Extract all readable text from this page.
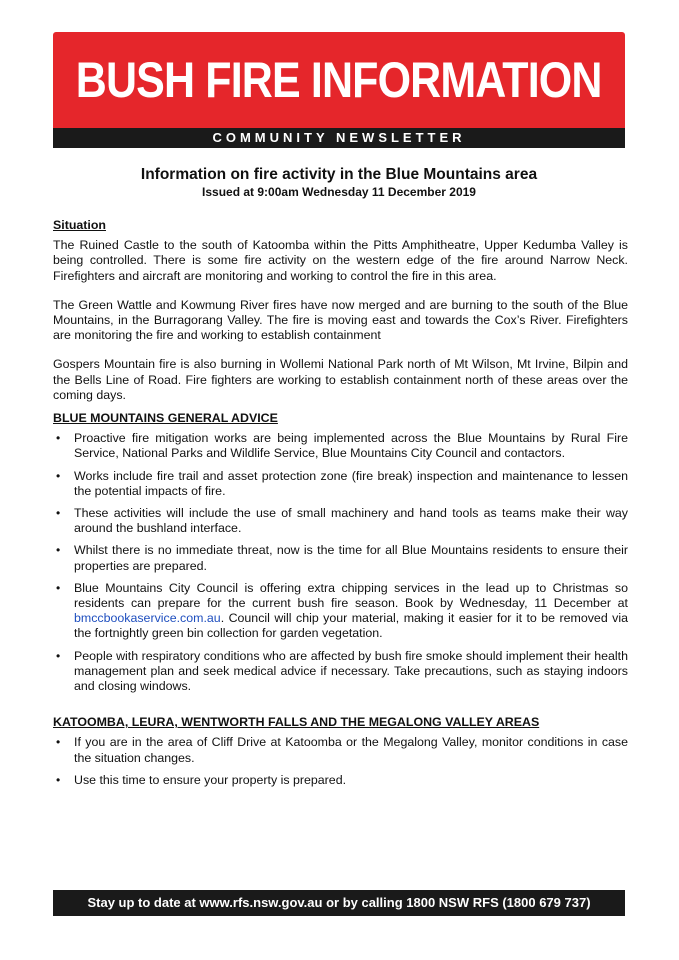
BUSH FIRE INFORMATION
COMMUNITY NEWSLETTER
Information on fire activity in the Blue Mountains area
Issued at 9:00am Wednesday 11 December 2019
Situation

The Ruined Castle to the south of Katoomba within the Pitts Amphitheatre, Upper Kedumba Valley is being controlled. There is some fire activity on the western edge of the fire around Narrow Neck. Firefighters and aircraft are monitoring and working to control the fire in this area.

The Green Wattle and Kowmung River fires have now merged and are burning to the south of the Blue Mountains, in the Burragorang Valley. The fire is moving east and towards the Cox’s River. Firefighters are monitoring the fire and working to establish containment

Gospers Mountain fire is also burning in Wollemi National Park north of Mt Wilson, Mt Irvine, Bilpin and the Bells Line of Road. Fire fighters are working to establish containment north of these areas over the coming days.

BLUE MOUNTAINS GENERAL ADVICE
• Proactive fire mitigation works are being implemented across the Blue Mountains by Rural Fire Service, National Parks and Wildlife Service, Blue Mountains City Council and contactors.
• Works include fire trail and asset protection zone (fire break) inspection and maintenance to lessen the potential impacts of fire.
• These activities will include the use of small machinery and hand tools as teams make their way around the bushland interface.
• Whilst there is no immediate threat, now is the time for all Blue Mountains residents to ensure their properties are prepared.
• Blue Mountains City Council is offering extra chipping services in the lead up to Christmas so residents can prepare for the current bush fire season. Book by Wednesday, 11 December at bmccbookaservice.com.au. Council will chip your material, making it easier for it to be removed via the fortnightly green bin collection for garden vegetation.
• People with respiratory conditions who are affected by bush fire smoke should implement their health management plan and seek medical advice if necessary. Take precautions, such as staying indoors and closing windows.
KATOOMBA, LEURA, WENTWORTH FALLS AND THE MEGALONG VALLEY AREAS
• If you are in the area of Cliff Drive at Katoomba or the Megalong Valley, monitor conditions in case the situation changes.
• Use this time to ensure your property is prepared.
Stay up to date at www.rfs.nsw.gov.au or by calling 1800 NSW RFS (1800 679 737)
